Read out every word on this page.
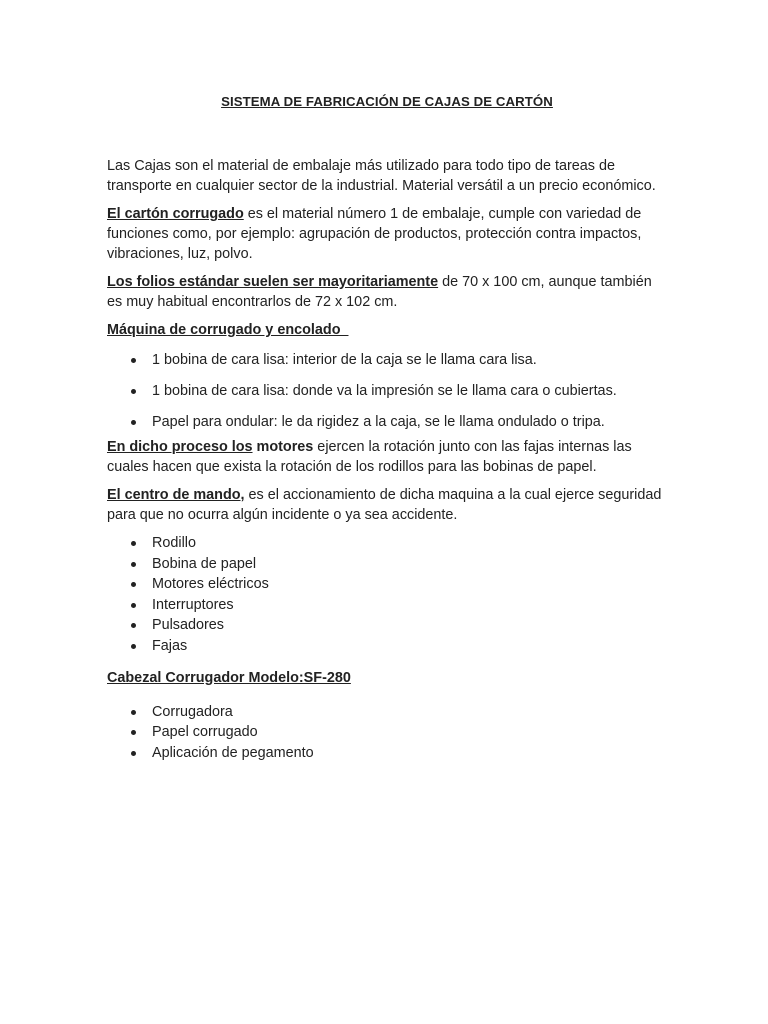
SISTEMA DE FABRICACIÓN DE CAJAS DE CARTÓN

Las Cajas son el material de embalaje más utilizado para todo tipo de tareas de transporte en cualquier sector de la industrial. Material versátil a un precio económico.

El cartón corrugado es el material número 1 de embalaje, cumple con variedad de funciones como, por ejemplo: agrupación de productos, protección contra impactos, vibraciones, luz, polvo.

Los folios estándar suelen ser mayoritariamente de 70 x 100 cm, aunque también es muy habitual encontrarlos de 72 x 102 cm.

Máquina de corrugado y encolado
1 bobina de cara lisa: interior de la caja se le llama cara lisa.
1 bobina de cara lisa: donde va la impresión se le llama cara o cubiertas.
Papel para ondular: le da rigidez a la caja, se le llama ondulado o tripa.

En dicho proceso los motores ejercen la rotación junto con las fajas internas las cuales hacen que exista la rotación de los rodillos para las bobinas de papel.

El centro de mando, es el accionamiento de dicha maquina a la cual ejerce seguridad para que no ocurra algún incidente o ya sea accidente.

Rodillo
Bobina de papel
Motores eléctricos
Interruptores
Pulsadores
Fajas
Cabezal Corrugador Modelo:SF-280
Corrugadora
Papel corrugado
Aplicación de pegamento
